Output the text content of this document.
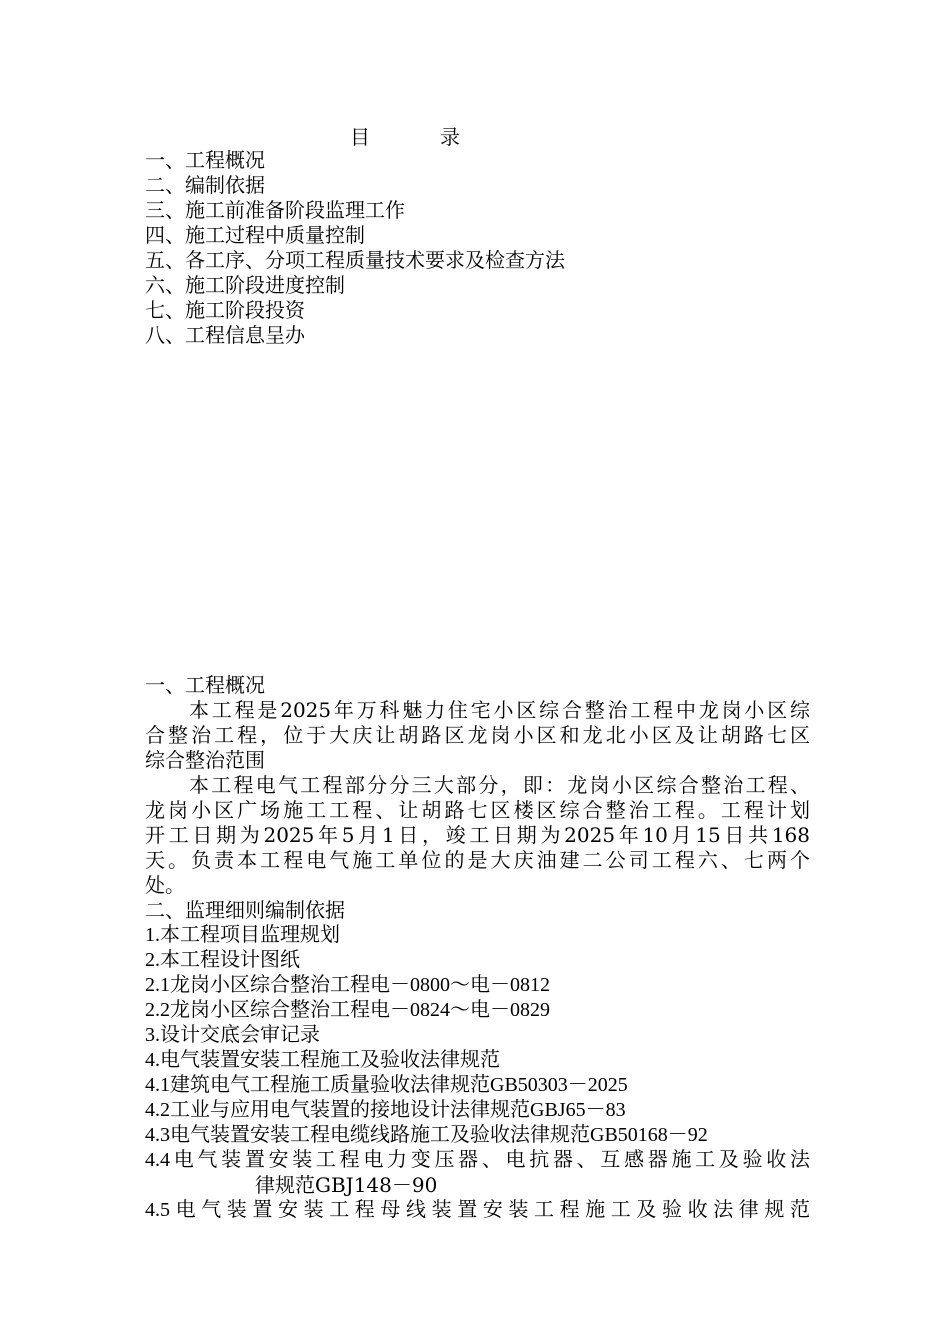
目	录
一、工程概况
二、编制依据
三、施工前准备阶段监理工作
四、施工过程中质量控制
五、各工序、分项工程质量技术要求及检查方法
六、施工阶段进度控制
七、施工阶段投资
八、工程信息呈办
一、工程概况
本工程是2025年万科魅力住宅小区综合整治工程中龙岗小区综
合整治工程，位于大庆让胡路区龙岗小区和龙北小区及让胡路七区
综合整治范围
本工程电气工程部分分三大部分，即：龙岗小区综合整治工程、
龙岗小区广场施工工程、让胡路七区楼区综合整治工程。工程计划
开工日期为2025年5月1日，竣工日期为2025年10月15日共168
天。负责本工程电气施工单位的是大庆油建二公司工程六、七两个
处。
二、监理细则编制依据
1.本工程项目监理规划
2.本工程设计图纸
2.1龙岗小区综合整治工程电－0800～电－0812
2.2龙岗小区综合整治工程电－0824～电－0829
3.设计交底会审记录
4.电气装置安装工程施工及验收法律规范
4.1建筑电气工程施工质量验收法律规范GB50303－2025
4.2工业与应用电气装置的接地设计法律规范GBJ65－83
4.3电气装置安装工程电缆线路施工及验收法律规范GB50168－92
4.4电气装置安装工程电力变压器、电抗器、互感器施工及验收法
律规范GBJ148－90
4.5电气装置安装工程母线装置安装工程施工及验收法律规范
